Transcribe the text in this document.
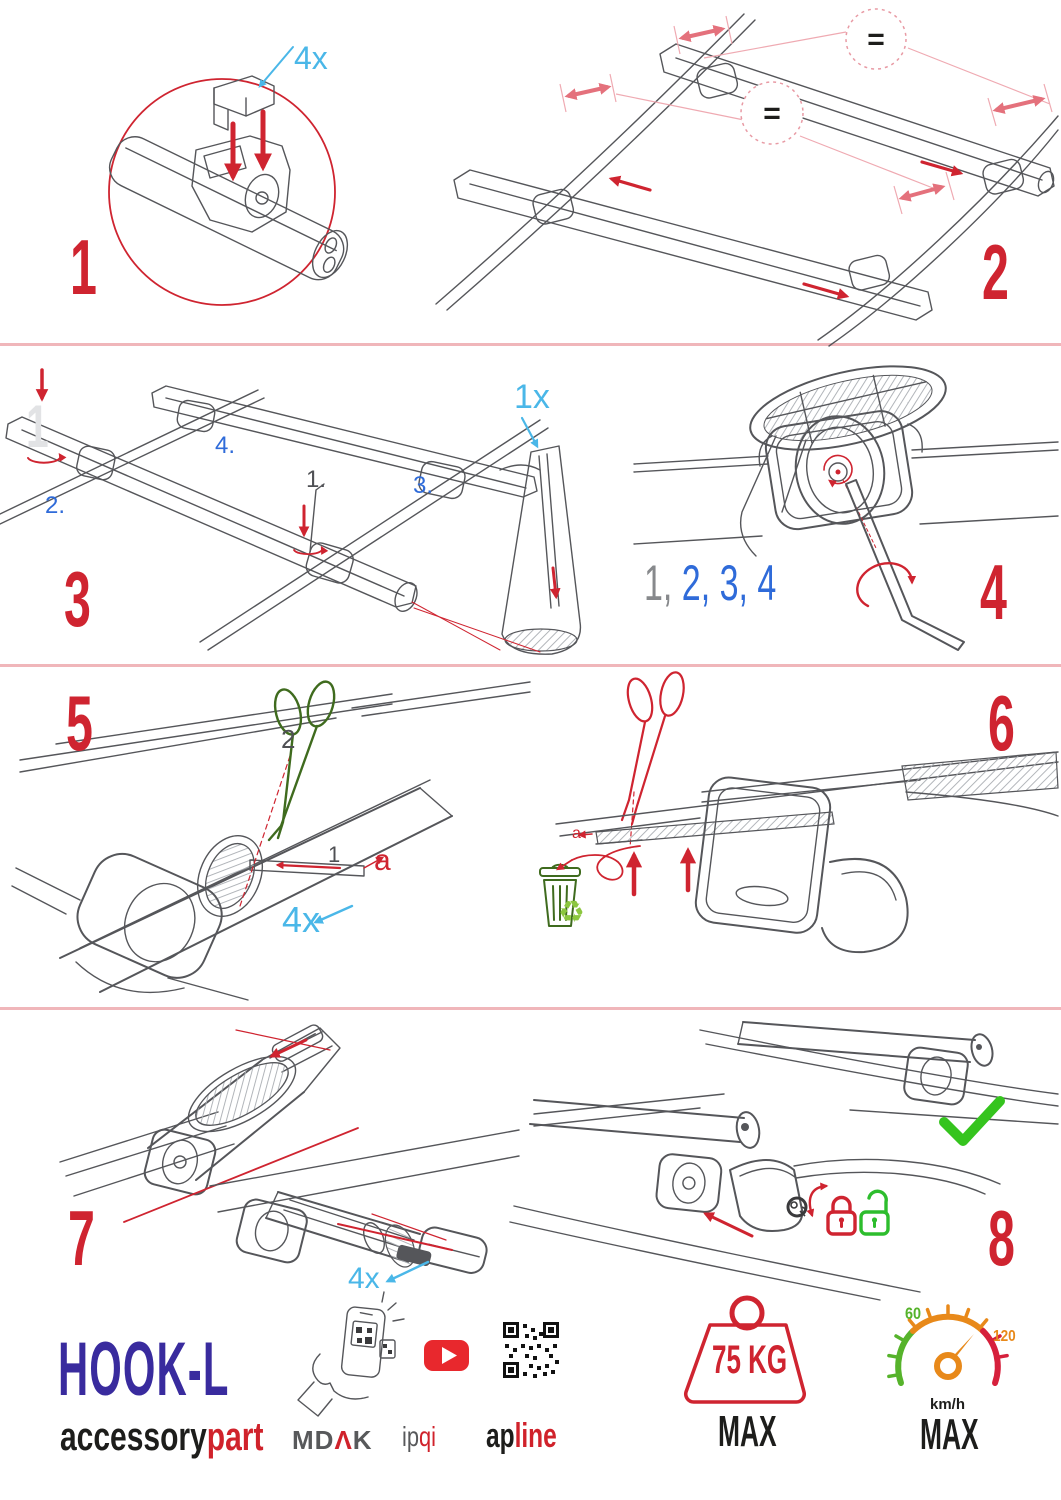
1
4x
2
=
=
3
1	1x
1.
2.
3.
4.
4
1, 2, 3, 4
5	2
1 a
4x
6
a
♻
7	4x	8
HOOK-L
accessorypart MDΛK ipqi apline
75 KG
MAX
60
120
km/h
MAX
